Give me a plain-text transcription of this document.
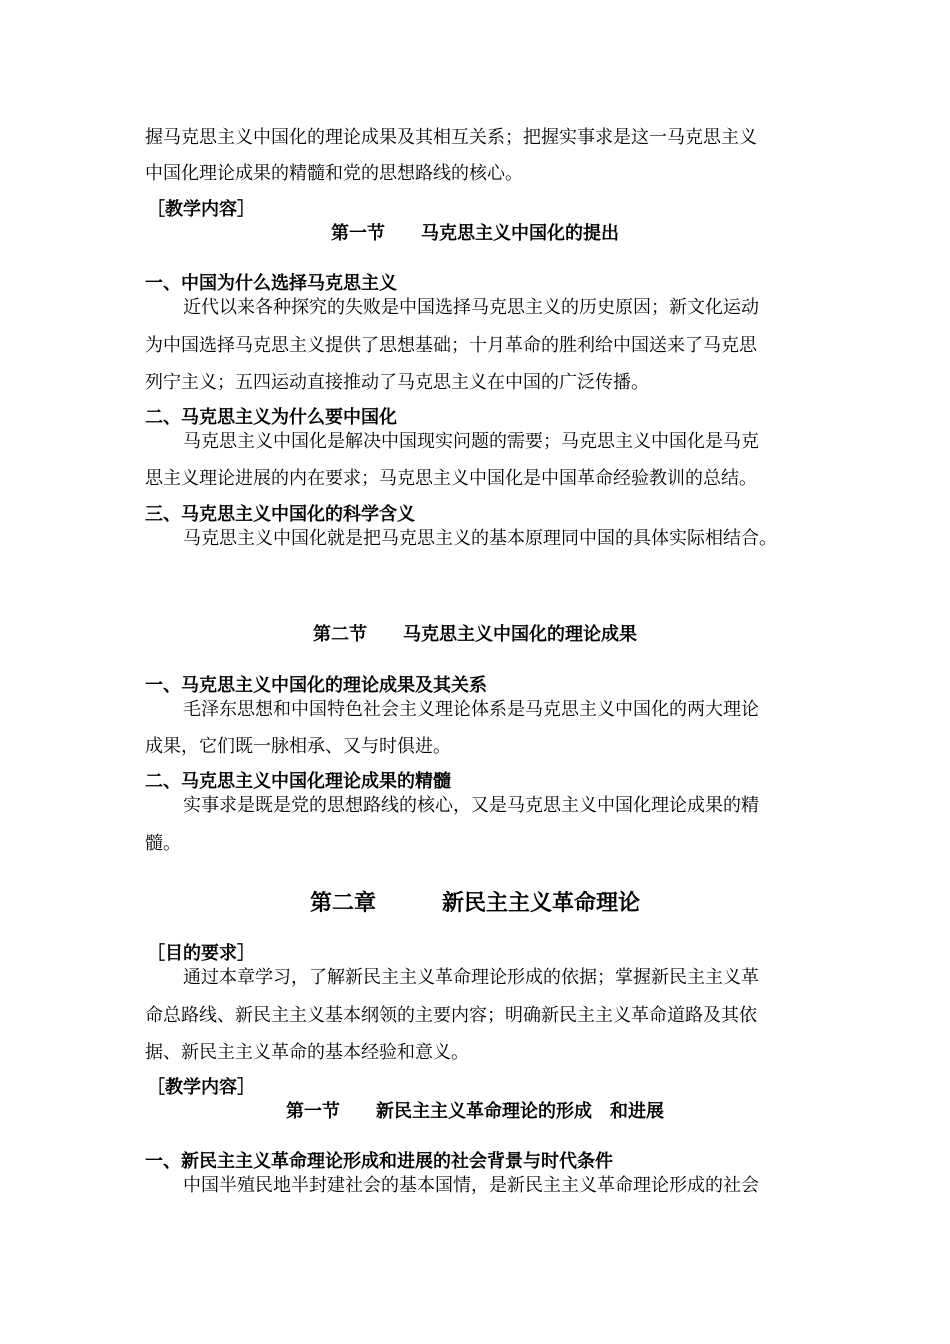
握马克思主义中国化的理论成果及其相互关系；把握实事求是这一马克思主义
中国化理论成果的精髓和党的思想路线的核心。
［教学内容］
第一节　　马克思主义中国化的提出
一、中国为什么选择马克思主义
近代以来各种探究的失败是中国选择马克思主义的历史原因；新文化运动
为中国选择马克思主义提供了思想基础；十月革命的胜利给中国送来了马克思
列宁主义；五四运动直接推动了马克思主义在中国的广泛传播。
二、马克思主义为什么要中国化
马克思主义中国化是解决中国现实问题的需要；马克思主义中国化是马克
思主义理论进展的内在要求；马克思主义中国化是中国革命经验教训的总结。
三、马克思主义中国化的科学含义
马克思主义中国化就是把马克思主义的基本原理同中国的具体实际相结合。
第二节　　马克思主义中国化的理论成果
一、马克思主义中国化的理论成果及其关系
毛泽东思想和中国特色社会主义理论体系是马克思主义中国化的两大理论
成果，它们既一脉相承、又与时俱进。
二、马克思主义中国化理论成果的精髓
实事求是既是党的思想路线的核心，又是马克思主义中国化理论成果的精
髓。
第二章　　　新民主主义革命理论
［目的要求］
通过本章学习，了解新民主主义革命理论形成的依据；掌握新民主主义革
命总路线、新民主主义基本纲领的主要内容；明确新民主主义革命道路及其依
据、新民主主义革命的基本经验和意义。
［教学内容］
第一节　　新民主主义革命理论的形成　和进展
一、新民主主义革命理论形成和进展的社会背景与时代条件
中国半殖民地半封建社会的基本国情，是新民主主义革命理论形成的社会
